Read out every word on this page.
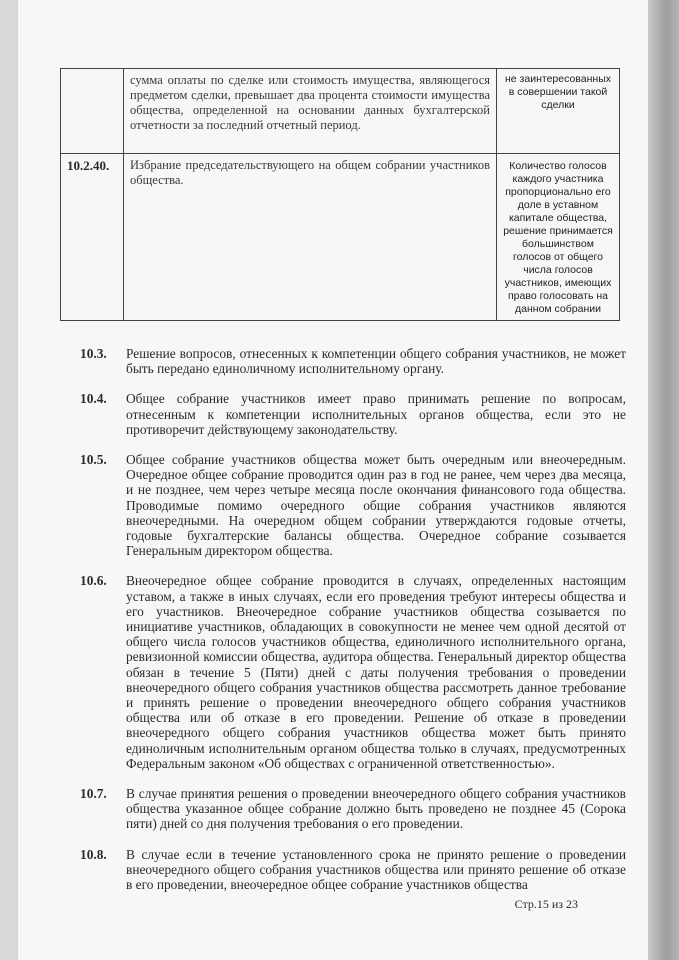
	сумма оплаты по сделке или стоимость имущества, являющегося предметом сделки, превышает два процента стоимости имущества общества, определенной на основании данных бухгалтерской отчетности за последний отчетный период.	не заинтересованных в совершении такой сделки
10.2.40.	Избрание председательствующего на общем собрании участников общества.	Количество голосов каждого участника пропорционально его доле в уставном капитале общества, решение принимается большинством голосов от общего числа голосов участников, имеющих право голосовать на данном собрании
10.3.	Решение вопросов, отнесенных к компетенции общего собрания участников, не может быть передано единоличному исполнительному органу.
10.4.	Общее собрание участников имеет право принимать решение по вопросам, отнесенным к компетенции исполнительных органов общества, если это не противоречит действующему законодательству.
10.5.	Общее собрание участников общества может быть очередным или внеочередным. Очередное общее собрание проводится один раз в год не ранее, чем через два месяца, и не позднее, чем через четыре месяца после окончания финансового года общества. Проводимые помимо очередного общие собрания участников являются внеочередными. На очередном общем собрании утверждаются годовые отчеты, годовые бухгалтерские балансы общества. Очередное собрание созывается Генеральным директором общества.
10.6.	Внеочередное общее собрание проводится в случаях, определенных настоящим уставом, а также в иных случаях, если его проведения требуют интересы общества и его участников. Внеочередное собрание участников общества созывается по инициативе участников, обладающих в совокупности не менее чем одной десятой от общего числа голосов участников общества, единоличного исполнительного органа, ревизионной комиссии общества, аудитора общества. Генеральный директор общества обязан в течение 5 (Пяти) дней с даты получения требования о проведении внеочередного общего собрания участников общества рассмотреть данное требование и принять решение о проведении внеочередного общего собрания участников общества или об отказе в его проведении. Решение об отказе в проведении внеочередного общего собрания участников общества может быть принято единоличным исполнительным органом общества только в случаях, предусмотренных Федеральным законом «Об обществах с ограниченной ответственностью».
10.7.	В случае принятия решения о проведении внеочередного общего собрания участников общества указанное общее собрание должно быть проведено не позднее 45 (Сорока пяти) дней со дня получения требования о его проведении.
10.8.	В случае если в течение установленного срока не принято решение о проведении внеочередного общего собрания участников общества или принято решение об отказе в его проведении, внеочередное общее собрание участников общества
Стр.15 из 23
